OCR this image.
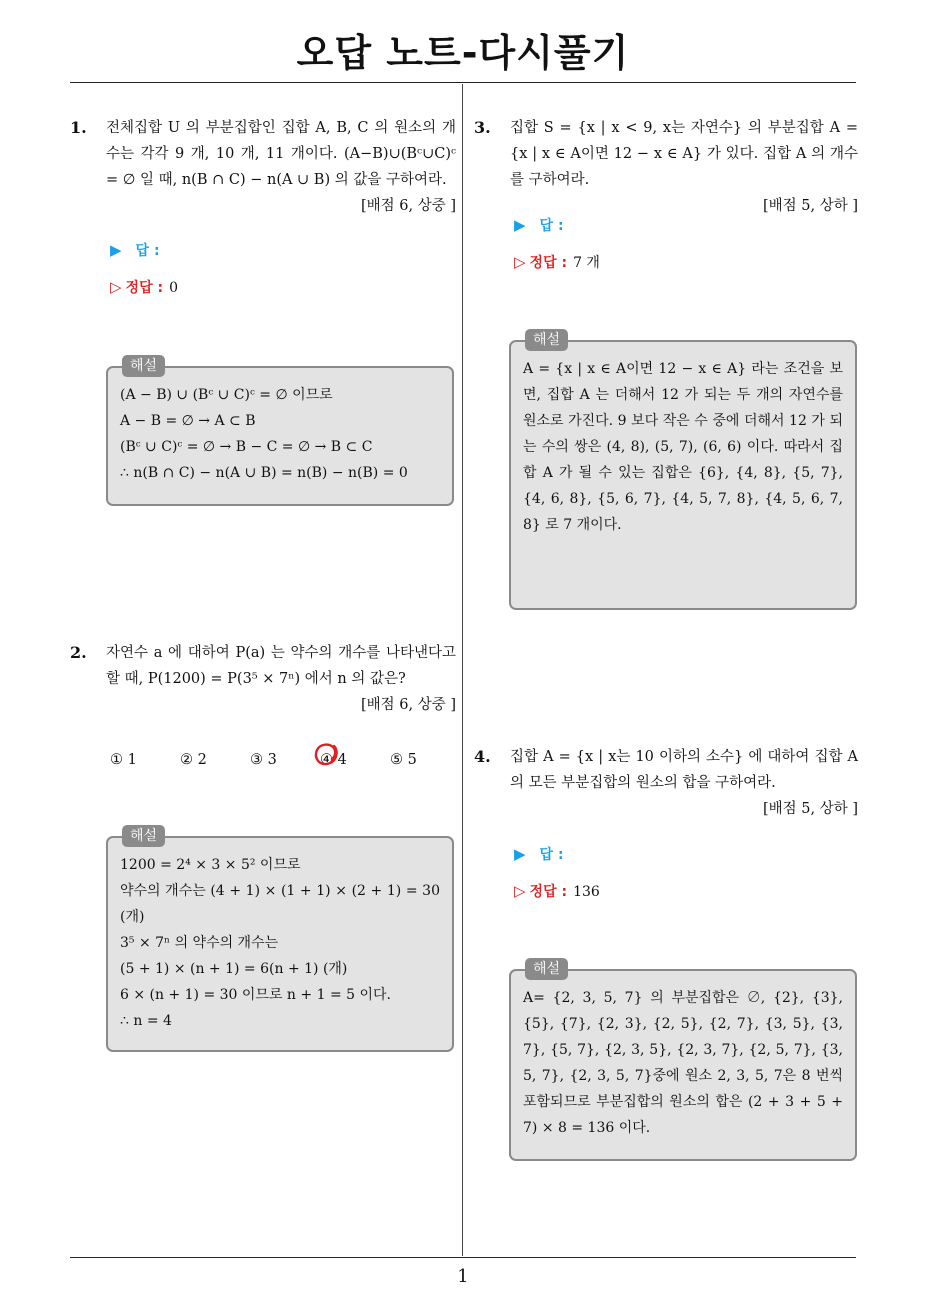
오답 노트-다시풀기
1. 전체집합 U 의 부분집합인 집합 A, B, C 의 원소의 개수는 각각 9 개, 10 개, 11 개이다. (A−B)∪(Bᶜ∪C)ᶜ = ∅ 일 때, n(B ∩ C) − n(A ∪ B) 의 값을 구하여라.
[배점 6, 상중 ]
▶ 답 :
▷ 정답 : 0
해설
(A − B) ∪ (Bᶜ ∪ C)ᶜ = ∅ 이므로
A − B = ∅ → A ⊂ B
(Bᶜ ∪ C)ᶜ = ∅ → B − C = ∅ → B ⊂ C
∴ n(B ∩ C) − n(A ∪ B) = n(B) − n(B) = 0
2. 자연수 a 에 대하여 P(a) 는 약수의 개수를 나타낸다고 할 때, P(1200) = P(3⁵ × 7ⁿ) 에서 n 의 값은?
[배점 6, 상중 ]
① 1	② 2	③ 3	④ 4	⑤ 5
해설
1200 = 2⁴ × 3 × 5² 이므로
약수의 개수는 (4 + 1) × (1 + 1) × (2 + 1) = 30 (개)
3⁵ × 7ⁿ 의 약수의 개수는
(5 + 1) × (n + 1) = 6(n + 1) (개)
6 × (n + 1) = 30 이므로 n + 1 = 5 이다.
∴ n = 4
3. 집합 S = {x | x < 9, x는 자연수} 의 부분집합 A = {x | x ∈ A이면 12 − x ∈ A} 가 있다. 집합 A 의 개수를 구하여라.
[배점 5, 상하 ]
▶ 답 :
▷ 정답 : 7 개
해설
A = {x | x ∈ A이면 12 − x ∈ A} 라는 조건을 보면, 집합 A 는 더해서 12 가 되는 두 개의 자연수를 원소로 가진다. 9 보다 작은 수 중에 더해서 12 가 되는 수의 쌍은 (4, 8), (5, 7), (6, 6) 이다. 따라서 집합 A 가 될 수 있는 집합은 {6}, {4, 8}, {5, 7}, {4, 6, 8}, {5, 6, 7}, {4, 5, 7, 8}, {4, 5, 6, 7, 8} 로 7 개이다.
4. 집합 A = {x | x는 10 이하의 소수} 에 대하여 집합 A 의 모든 부분집합의 원소의 합을 구하여라.
[배점 5, 상하 ]
▶ 답 :
▷ 정답 : 136
해설
A= {2, 3, 5, 7} 의 부분집합은 ∅, {2}, {3}, {5}, {7}, {2, 3}, {2, 5}, {2, 7}, {3, 5}, {3, 7}, {5, 7}, {2, 3, 5}, {2, 3, 7}, {2, 5, 7}, {3, 5, 7}, {2, 3, 5, 7}중에 원소 2, 3, 5, 7은 8 번씩 포함되므로 부분집합의 원소의 합은 (2 + 3 + 5 + 7) × 8 = 136 이다.
1
